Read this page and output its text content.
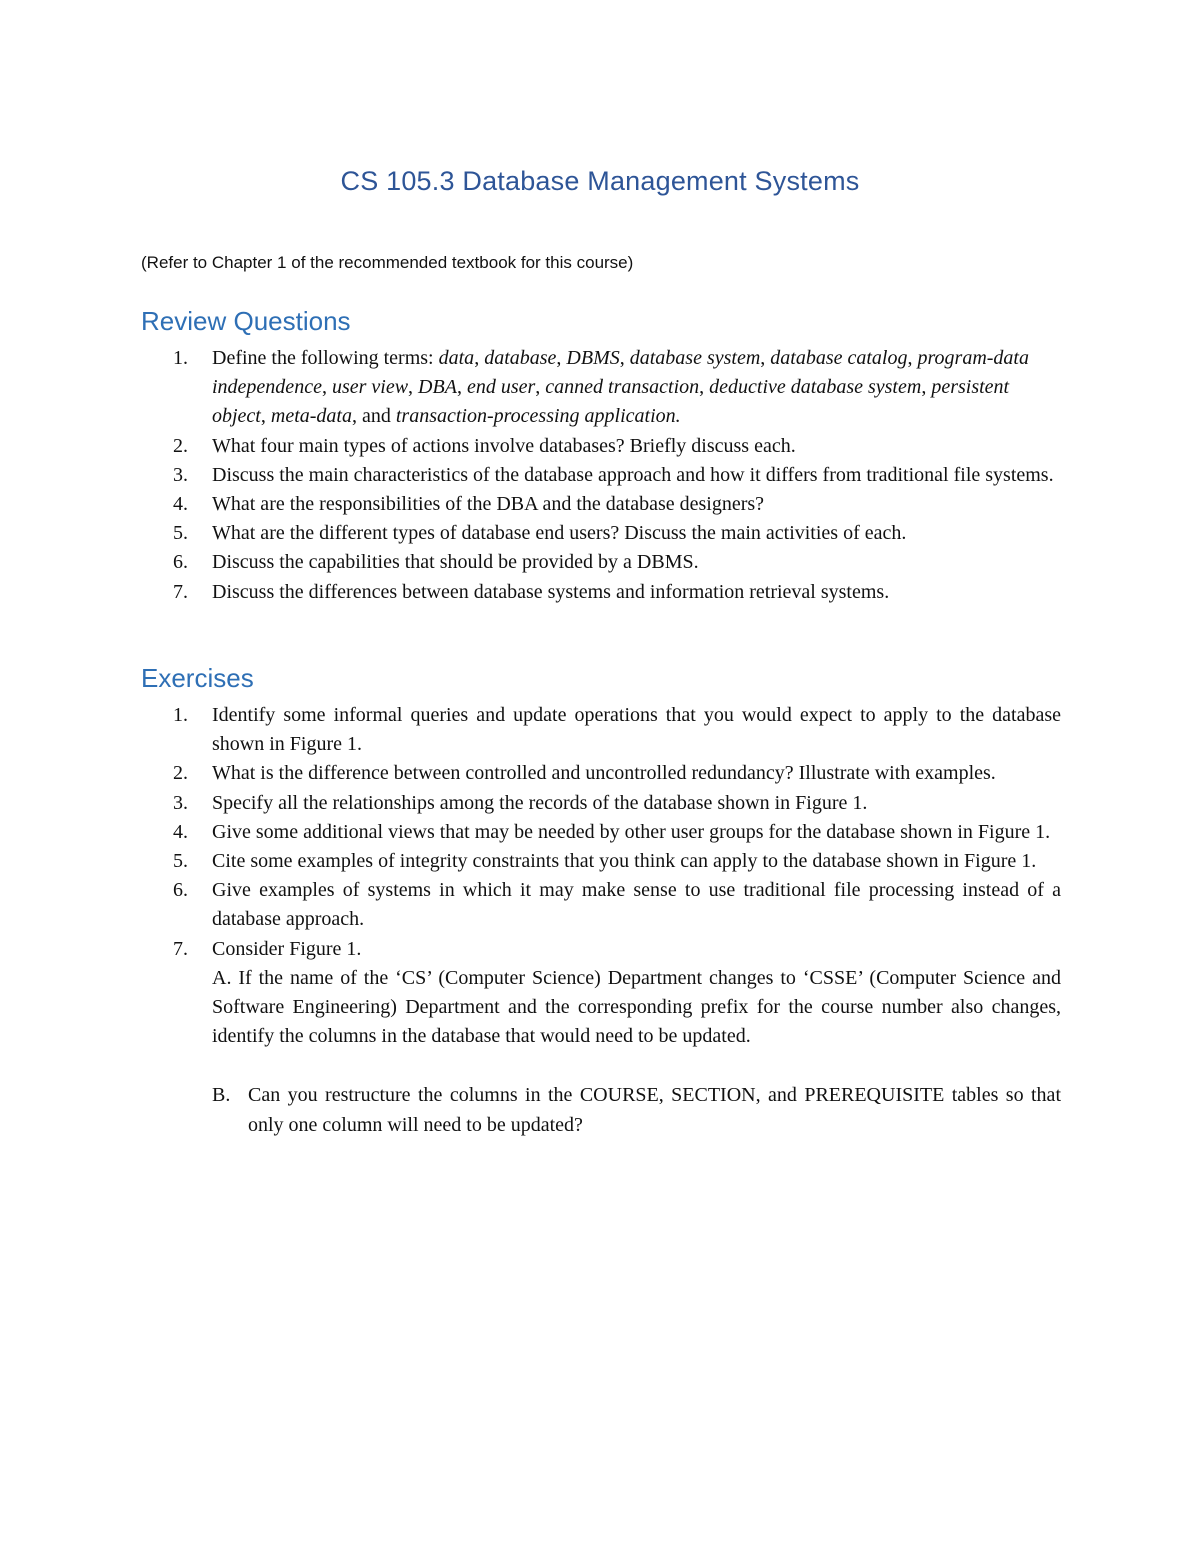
CS 105.3 Database Management Systems

(Refer to Chapter 1 of the recommended textbook for this course)

Review Questions
1. Define the following terms: data, database, DBMS, database system, database catalog, program-data independence, user view, DBA, end user, canned transaction, deductive database system, persistent object, meta-data, and transaction-processing application.
2. What four main types of actions involve databases? Briefly discuss each.
3. Discuss the main characteristics of the database approach and how it differs from traditional file systems.
4. What are the responsibilities of the DBA and the database designers?
5. What are the different types of database end users? Discuss the main activities of each.
6. Discuss the capabilities that should be provided by a DBMS.
7. Discuss the differences between database systems and information retrieval systems.
Exercises
1. Identify some informal queries and update operations that you would expect to apply to the database shown in Figure 1.
2. What is the difference between controlled and uncontrolled redundancy? Illustrate with examples.
3. Specify all the relationships among the records of the database shown in Figure 1.
4. Give some additional views that may be needed by other user groups for the database shown in Figure 1.
5. Cite some examples of integrity constraints that you think can apply to the database shown in Figure 1.
6. Give examples of systems in which it may make sense to use traditional file processing instead of a database approach.
7. Consider Figure 1.
A. If the name of the ‘CS’ (Computer Science) Department changes to ‘CSSE’ (Computer Science and Software Engineering) Department and the corresponding prefix for the course number also changes, identify the columns in the database that would need to be updated.
B. Can you restructure the columns in the COURSE, SECTION, and PREREQUISITE tables so that only one column will need to be updated?
